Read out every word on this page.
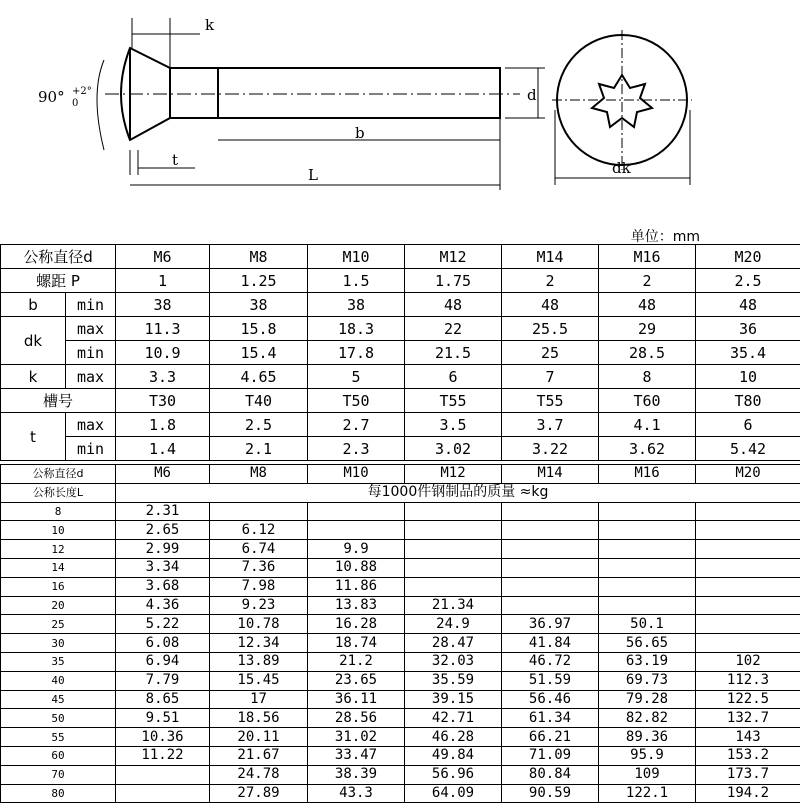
90° +2°
0
k
t
L
b
d
dk
单位：mm
公称直径d		M6	M8	M10	M12	M14	M16	M20
螺距 P		1	1.25	1.5	1.75	2	2	2.5
b	min	38	38	38	48	48	48	48
dk	max	11.3	15.8	18.3	22	25.5	29	36
	min	10.9	15.4	17.8	21.5	25	28.5	35.4
k	max	3.3	4.65	5	6	7	8	10
槽号		T30	T40	T50	T55	T55	T60	T80
t	max	1.8	2.5	2.7	3.5	3.7	4.1	6
	min	1.4	2.1	2.3	3.02	3.22	3.62	5.42
公称直径d	M6	M8	M10	M12	M14	M16	M20
公称长度L	每1000件钢制品的质量 ≈kg						
8	2.31						
10	2.65	6.12					
12	2.99	6.74	9.9				
14	3.34	7.36	10.88				
16	3.68	7.98	11.86				
20	4.36	9.23	13.83	21.34			
25	5.22	10.78	16.28	24.9	36.97	50.1	
30	6.08	12.34	18.74	28.47	41.84	56.65	
35	6.94	13.89	21.2	32.03	46.72	63.19	102
40	7.79	15.45	23.65	35.59	51.59	69.73	112.3
45	8.65	17	36.11	39.15	56.46	79.28	122.5
50	9.51	18.56	28.56	42.71	61.34	82.82	132.7
55	10.36	20.11	31.02	46.28	66.21	89.36	143
60	11.22	21.67	33.47	49.84	71.09	95.9	153.2
70		24.78	38.39	56.96	80.84	109	173.7
80		27.89	43.3	64.09	90.59	122.1	194.2
